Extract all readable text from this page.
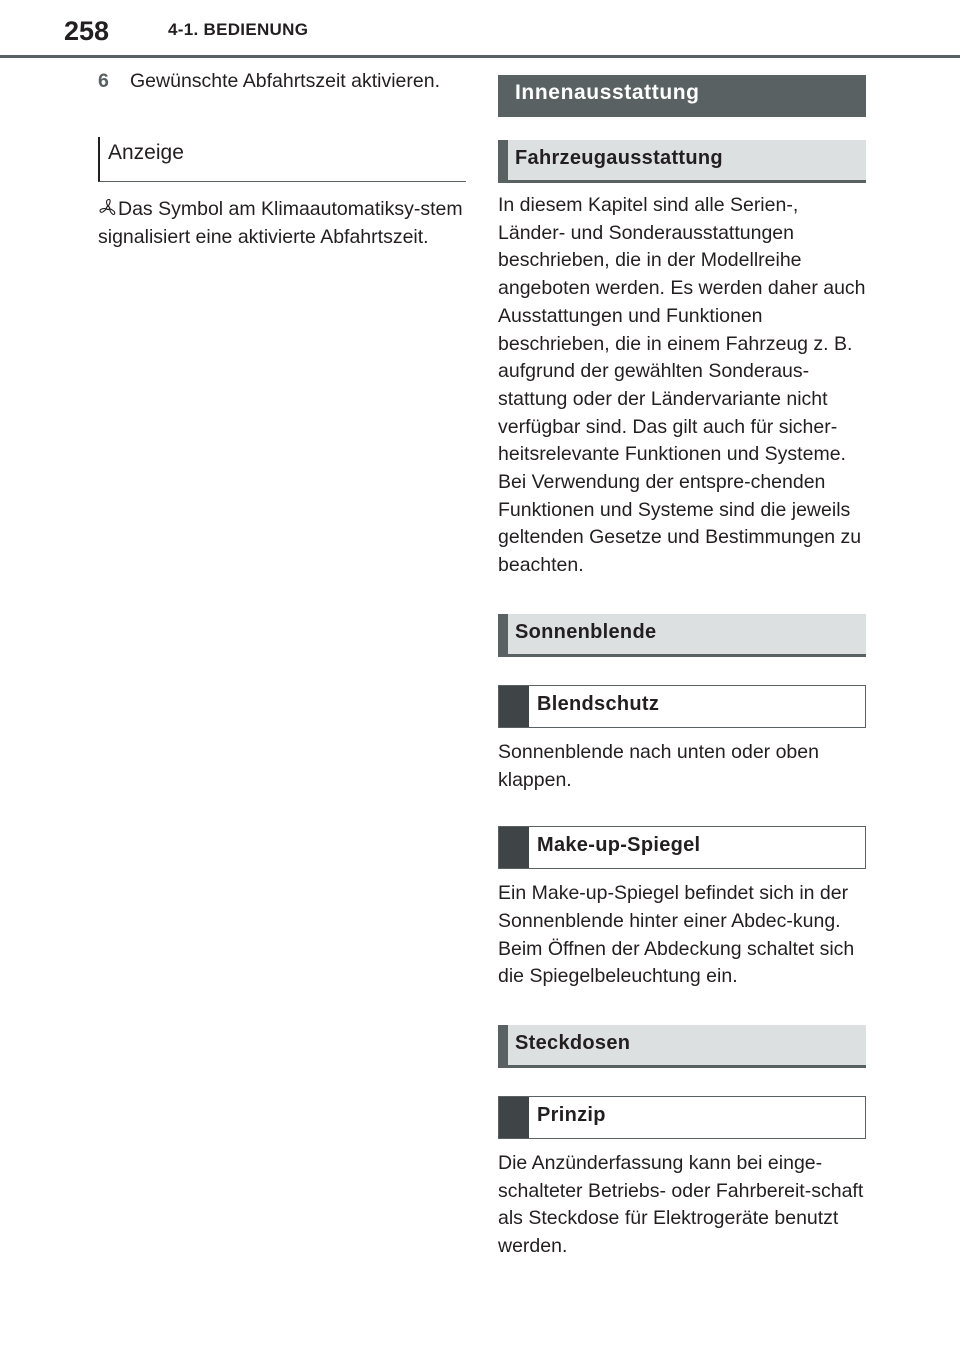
258	4-1. BEDIENUNG
6 Gewünschte Abfahrtszeit aktivieren.
Anzeige
Das Symbol am Klimaautomatiksy-stem signalisiert eine aktivierte Abfahrtszeit.
Innenausstattung
Fahrzeugausstattung
In diesem Kapitel sind alle Serien-, Länder- und Sonderausstattungen beschrieben, die in der Modellreihe angeboten werden. Es werden daher auch Ausstattungen und Funktionen beschrieben, die in einem Fahrzeug z. B. aufgrund der gewählten Sonderaus-stattung oder der Ländervariante nicht verfügbar sind. Das gilt auch für sicher-heitsrelevante Funktionen und Systeme. Bei Verwendung der entspre-chenden Funktionen und Systeme sind die jeweils geltenden Gesetze und Bestimmungen zu beachten.
Sonnenblende
Blendschutz
Sonnenblende nach unten oder oben klappen.
Make-up-Spiegel
Ein Make-up-Spiegel befindet sich in der Sonnenblende hinter einer Abdec-kung. Beim Öffnen der Abdeckung schaltet sich die Spiegelbeleuchtung ein.
Steckdosen
Prinzip
Die Anzünderfassung kann bei einge-schalteter Betriebs- oder Fahrbereit-schaft als Steckdose für Elektrogeräte benutzt werden.
